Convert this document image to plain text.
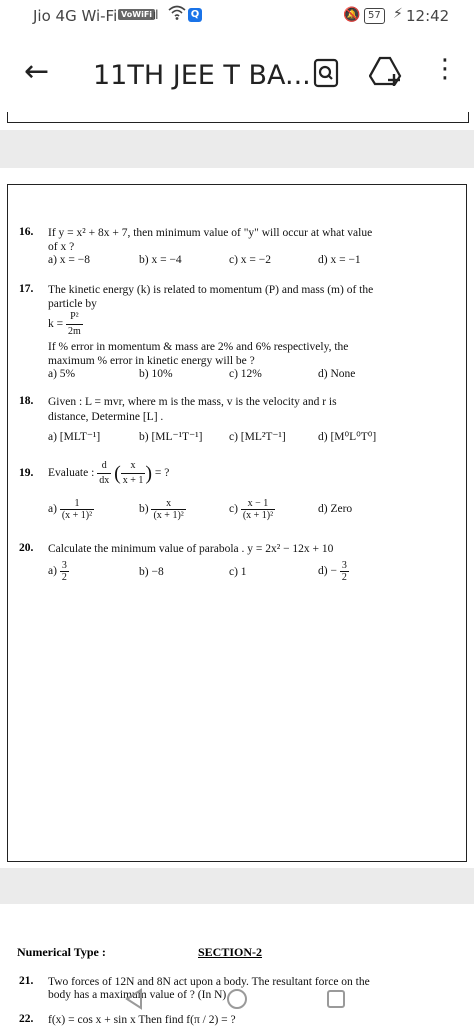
Jio 4G Wi-Fi VoWiFi
.ıl	Q	🔕 57 ⚡ 12:42
← 11TH JEE T BA...	⋮
16. If y = x² + 8x + 7, then minimum value of "y" will occur at what value
of x ?
a) x = −8	b) x = −4	c) x = −2	d) x = −1
17. The kinetic energy (k) is related to momentum (P) and mass (m) of the
particle by
$k = \frac{\text{P²}}{2m}$
If % error in momentum & mass are 2% and 6% respectively, the
maximum % error in kinetic energy will be ?
a) 5%	b) 10%	c) 12%	d) None
18. Given : L = mvr, where m is the mass, v is the velocity and r is
distance, Determine [L] .
a) [MLT⁻¹]	b) [ML⁻¹T⁻¹] c) [ML²T⁻¹]	d) [M⁰L⁰T⁰]
19. Evaluate : $\frac{d}{dx}$ ( $\frac{x}{x + 1}$ ) = ?
$a) \frac{1}{\text{(x + 1)²}}$	$b) \frac{x}{\text{(x + 1)²}}$	$c) \frac{x - 1}{\text{(x + 1)²}}$	d) Zero
20. Calculate the minimum value of parabola . y = 2x² − 12x + 10
$a) \frac{3}{2}$	b) −8	c) 1	$d) - \frac{3}{2}$
Numerical Type :	SECTION-2
21. Two forces of 12N and 8N act upon a body. The resultant force on the
body has a maximum value of ? (In N)
22. f(x) = cos x + sin x Then find f(π / 2) = ?
